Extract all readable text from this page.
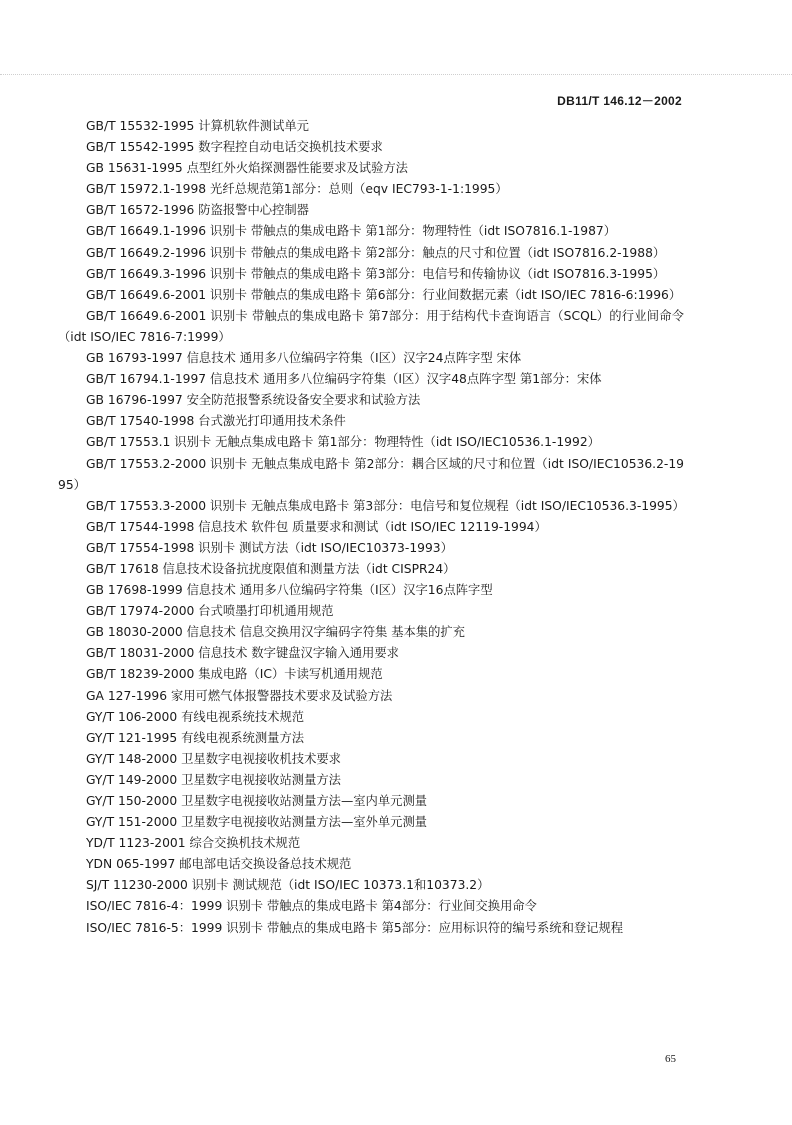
DB11/T 146.12－2002
GB/T 15532-1995 计算机软件测试单元
GB/T 15542-1995 数字程控自动电话交换机技术要求
GB 15631-1995 点型红外火焰探测器性能要求及试验方法
GB/T 15972.1-1998 光纤总规范第1部分：总则（eqv IEC793-1-1:1995）
GB/T 16572-1996 防盗报警中心控制器
GB/T 16649.1-1996 识别卡 带触点的集成电路卡 第1部分：物理特性（idt ISO7816.1-1987）
GB/T 16649.2-1996 识别卡 带触点的集成电路卡 第2部分：触点的尺寸和位置（idt ISO7816.2-1988）
GB/T 16649.3-1996 识别卡 带触点的集成电路卡 第3部分：电信号和传输协议（idt ISO7816.3-1995）
GB/T 16649.6-2001 识别卡 带触点的集成电路卡 第6部分：行业间数据元素（idt ISO/IEC 7816-6:1996）
GB/T 16649.6-2001 识别卡 带触点的集成电路卡 第7部分：用于结构代卡查询语言（SCQL）的行业间命令（idt ISO/IEC 7816-7:1999）
GB 16793-1997 信息技术 通用多八位编码字符集（I区）汉字24点阵字型 宋体
GB/T 16794.1-1997 信息技术 通用多八位编码字符集（I区）汉字48点阵字型 第1部分：宋体
GB 16796-1997 安全防范报警系统设备安全要求和试验方法
GB/T 17540-1998 台式激光打印通用技术条件
GB/T 17553.1 识别卡 无触点集成电路卡 第1部分：物理特性（idt ISO/IEC10536.1-1992）
GB/T 17553.2-2000 识别卡 无触点集成电路卡 第2部分：耦合区域的尺寸和位置（idt ISO/IEC10536.2-1995）
GB/T 17553.3-2000 识别卡 无触点集成电路卡 第3部分：电信号和复位规程（idt ISO/IEC10536.3-1995）
GB/T 17544-1998 信息技术 软件包 质量要求和测试（idt ISO/IEC 12119-1994）
GB/T 17554-1998 识别卡 测试方法（idt ISO/IEC10373-1993）
GB/T 17618 信息技术设备抗扰度限值和测量方法（idt CISPR24）
GB 17698-1999 信息技术 通用多八位编码字符集（I区）汉字16点阵字型
GB/T 17974-2000 台式喷墨打印机通用规范
GB 18030-2000 信息技术 信息交换用汉字编码字符集 基本集的扩充
GB/T 18031-2000 信息技术 数字键盘汉字输入通用要求
GB/T 18239-2000 集成电路（IC）卡读写机通用规范
GA 127-1996 家用可燃气体报警器技术要求及试验方法
GY/T 106-2000 有线电视系统技术规范
GY/T 121-1995 有线电视系统测量方法
GY/T 148-2000 卫星数字电视接收机技术要求
GY/T 149-2000 卫星数字电视接收站测量方法
GY/T 150-2000 卫星数字电视接收站测量方法—室内单元测量
GY/T 151-2000 卫星数字电视接收站测量方法—室外单元测量
YD/T 1123-2001 综合交换机技术规范
YDN 065-1997 邮电部电话交换设备总技术规范
SJ/T 11230-2000 识别卡 测试规范（idt ISO/IEC 10373.1和10373.2）
ISO/IEC 7816-4：1999 识别卡 带触点的集成电路卡 第4部分：行业间交换用命令
ISO/IEC 7816-5：1999 识别卡 带触点的集成电路卡 第5部分：应用标识符的编号系统和登记规程
65
